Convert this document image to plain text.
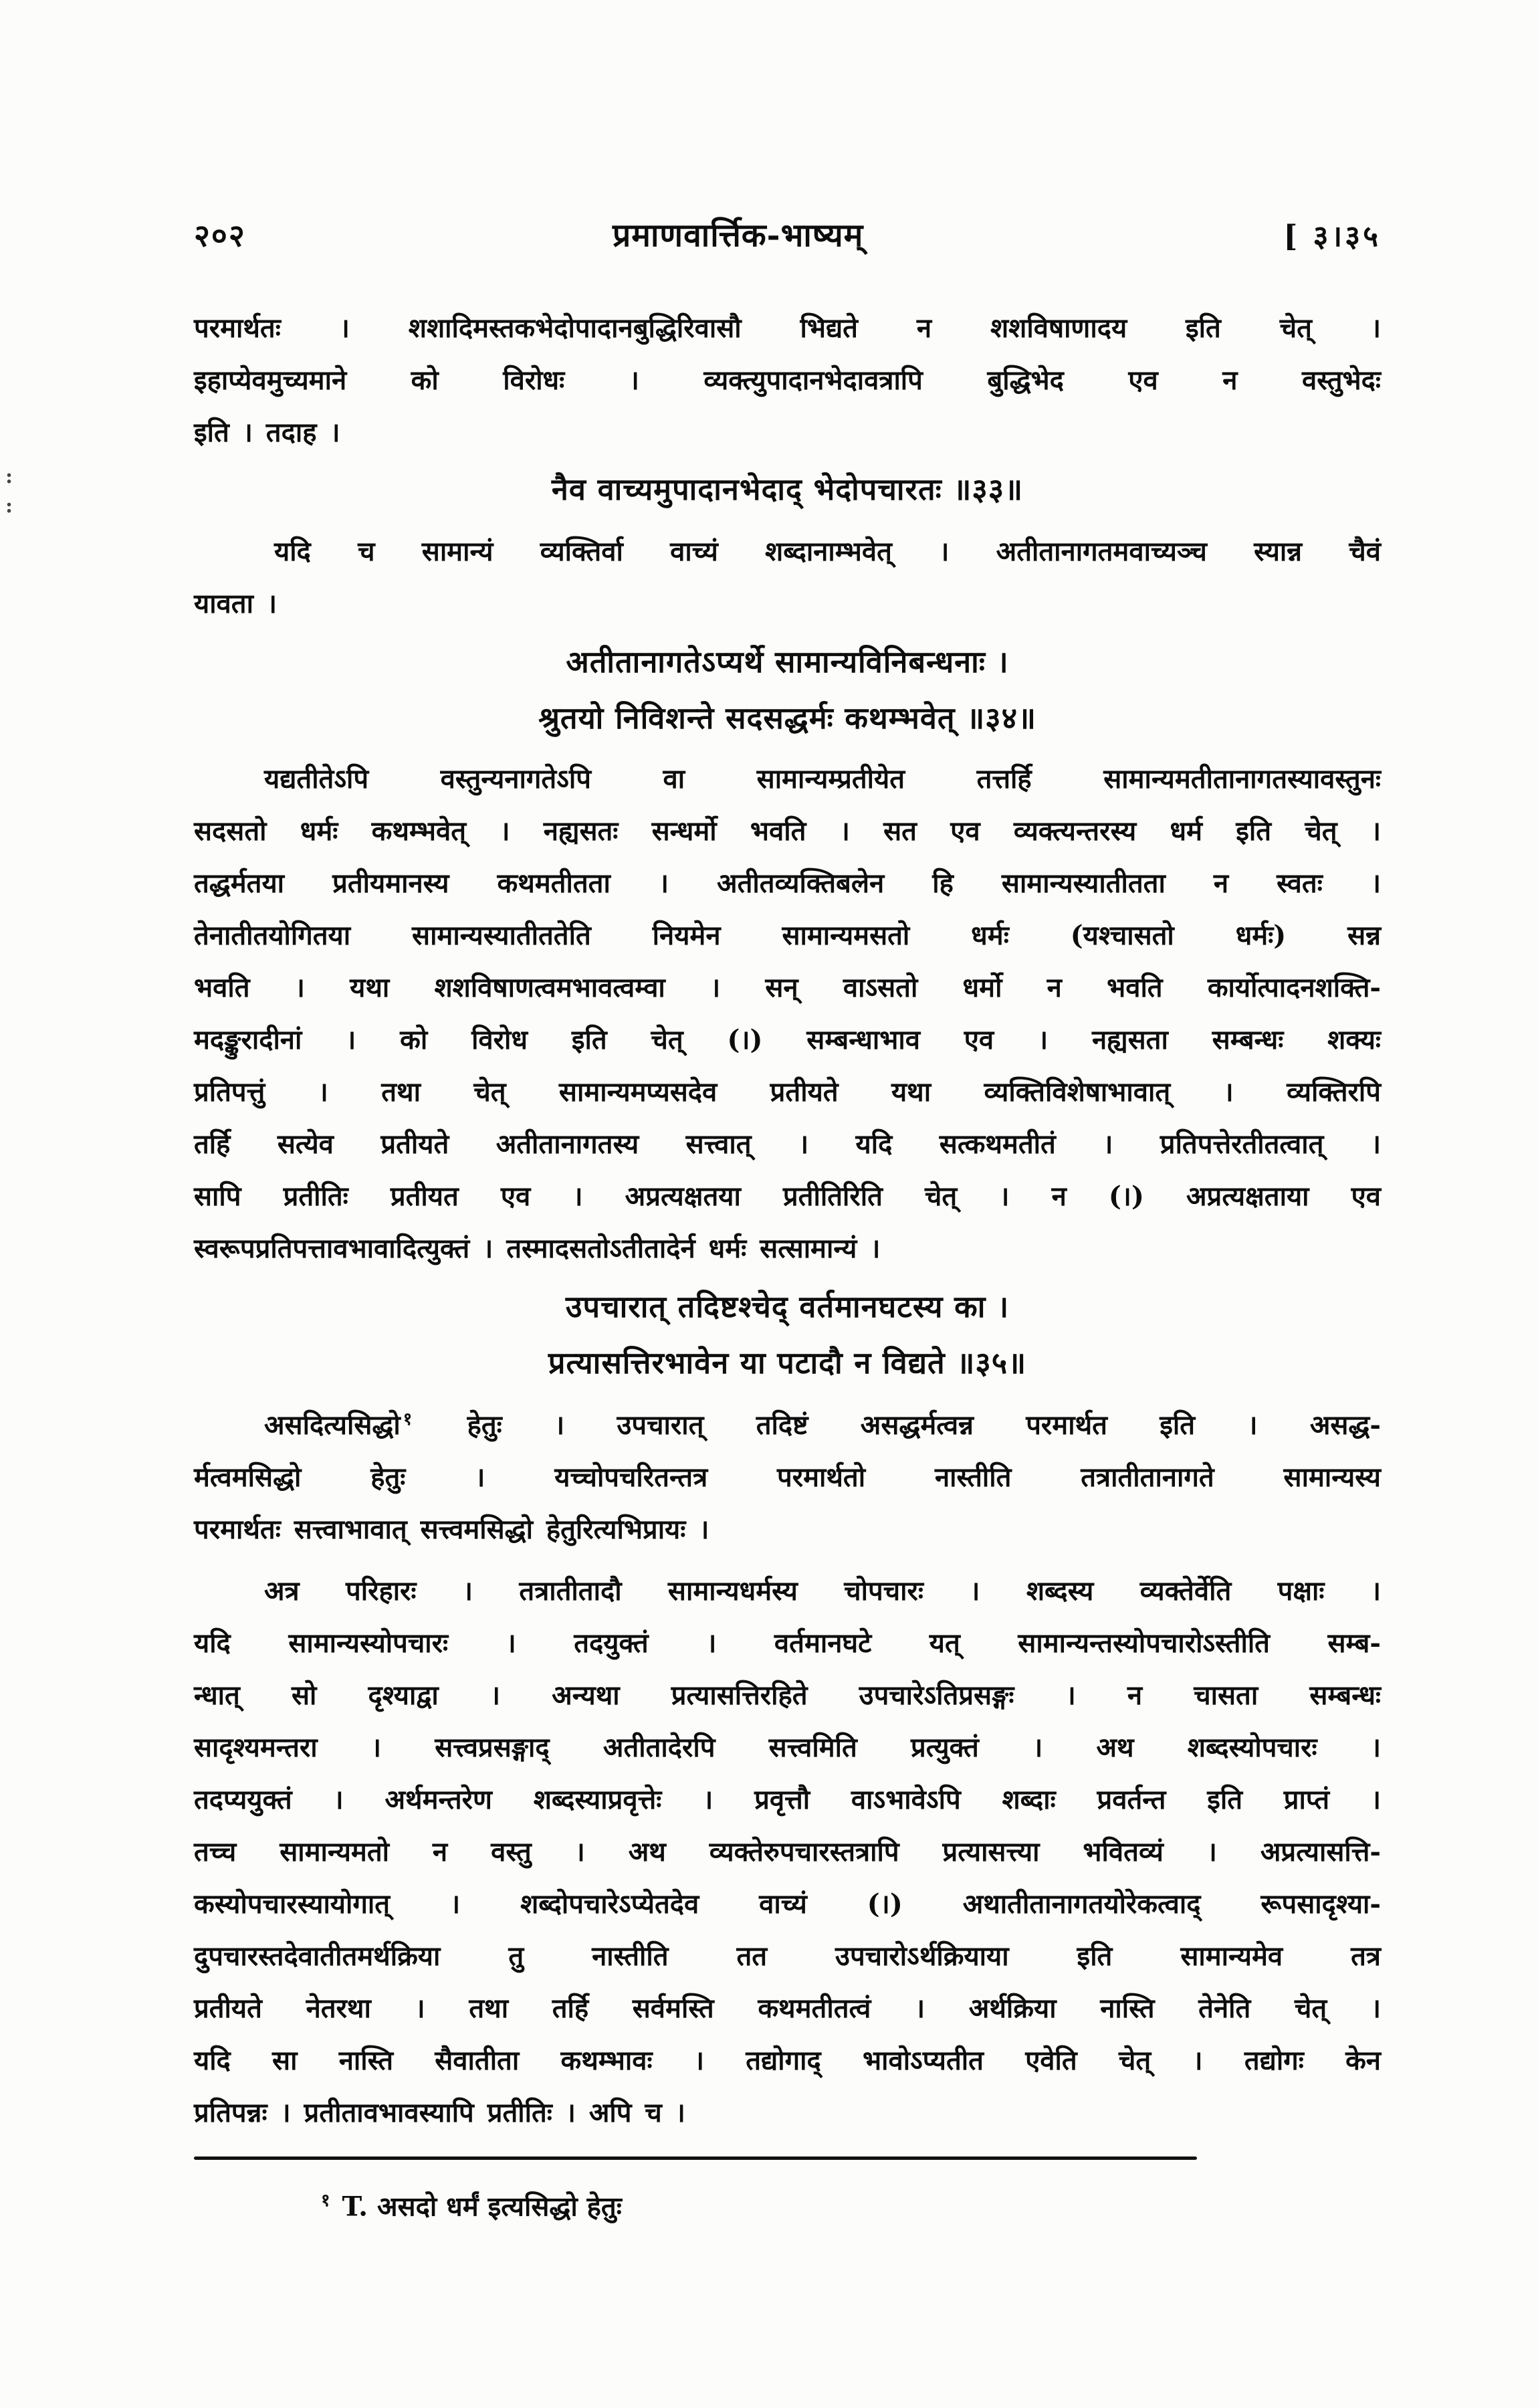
२०२	प्रमाणवार्त्तिक-भाष्यम्	[ ३।३५
:
:
परमार्थतः । शशादिमस्तकभेदोपादानबुद्धिरिवासौ भिद्यते न शशविषाणादय इति चेत् ।
इहाप्येवमुच्यमाने को विरोधः । व्यक्त्युपादानभेदावत्रापि बुद्धिभेद एव न वस्तुभेदः
इति । तदाह ।
नैव वाच्यमुपादानभेदाद् भेदोपचारतः ॥३३॥
यदि च सामान्यं व्यक्तिर्वा वाच्यं शब्दानाम्भवेत् । अतीतानागतमवाच्यञ्च स्यान्न चैवं
यावता ।
अतीतानागतेऽप्यर्थे सामान्यविनिबन्धनाः ।
श्रुतयो निविशन्ते सदसद्धर्मः कथम्भवेत् ॥३४॥
यद्यतीतेऽपि वस्तुन्यनागतेऽपि वा सामान्यम्प्रतीयेत तत्तर्हि सामान्यमतीतानागतस्यावस्तुनः
सदसतो धर्मः कथम्भवेत् । नह्यसतः सन्धर्मो भवति । सत एव व्यक्त्यन्तरस्य धर्म इति चेत् ।
तद्धर्मतया प्रतीयमानस्य कथमतीतता । अतीतव्यक्तिबलेन हि सामान्यस्यातीतता न स्वतः ।
तेनातीतयोगितया सामान्यस्यातीततेति नियमेन सामान्यमसतो धर्मः (यश्चासतो धर्मः) सन्न
भवति । यथा शशविषाणत्वमभावत्वम्वा । सन् वाऽसतो धर्मो न भवति कार्योत्पादनशक्ति-
मदङ्कुरादीनां । को विरोध इति चेत् (।) सम्बन्धाभाव एव । नह्यसता सम्बन्धः शक्यः
प्रतिपत्तुं । तथा चेत् सामान्यमप्यसदेव प्रतीयते यथा व्यक्तिविशेषाभावात् । व्यक्तिरपि
तर्हि सत्येव प्रतीयते अतीतानागतस्य सत्त्वात् । यदि सत्कथमतीतं । प्रतिपत्तेरतीतत्वात् ।
सापि प्रतीतिः प्रतीयत एव । अप्रत्यक्षतया प्रतीतिरिति चेत् । न (।) अप्रत्यक्षताया एव
स्वरूपप्रतिपत्तावभावादित्युक्तं । तस्मादसतोऽतीतादेर्न धर्मः सत्सामान्यं ।
उपचारात् तदिष्टश्चेद् वर्तमानघटस्य का ।
प्रत्यासत्तिरभावेन या पटादौ न विद्यते ॥३५॥
असदित्यसिद्धो $^१$ हेतुः । उपचारात् तदिष्टं असद्धर्मत्वन्न परमार्थत इति । असद्ध-
र्मत्वमसिद्धो हेतुः । यच्चोपचरितन्तत्र परमार्थतो नास्तीति तत्रातीतानागते सामान्यस्य
परमार्थतः सत्त्वाभावात् सत्त्वमसिद्धो हेतुरित्यभिप्रायः ।
अत्र परिहारः । तत्रातीतादौ सामान्यधर्मस्य चोपचारः । शब्दस्य व्यक्तेर्वेति पक्षाः ।
यदि सामान्यस्योपचारः । तदयुक्तं । वर्तमानघटे यत् सामान्यन्तस्योपचारोऽस्तीति सम्ब-
न्धात् सो दृश्याद्वा । अन्यथा प्रत्यासत्तिरहिते उपचारेऽतिप्रसङ्गः । न चासता सम्बन्धः
सादृश्यमन्तरा । सत्त्वप्रसङ्गाद् अतीतादेरपि सत्त्वमिति प्रत्युक्तं । अथ शब्दस्योपचारः ।
तदप्ययुक्तं । अर्थमन्तरेण शब्दस्याप्रवृत्तेः । प्रवृत्तौ वाऽभावेऽपि शब्दाः प्रवर्तन्त इति प्राप्तं ।
तच्च सामान्यमतो न वस्तु । अथ व्यक्तेरुपचारस्तत्रापि प्रत्यासत्त्या भवितव्यं । अप्रत्यासत्ति-
कस्योपचारस्यायोगात् । शब्दोपचारेऽप्येतदेव वाच्यं (।) अथातीतानागतयोरेकत्वाद् रूपसादृश्या-
दुपचारस्तदेवातीतमर्थक्रिया तु नास्तीति तत उपचारोऽर्थक्रियाया इति सामान्यमेव तत्र
प्रतीयते नेतरथा । तथा तर्हि सर्वमस्ति कथमतीतत्वं । अर्थक्रिया नास्ति तेनेति चेत् ।
यदि सा नास्ति सैवातीता कथम्भावः । तद्योगाद् भावोऽप्यतीत एवेति चेत् । तद्योगः केन
प्रतिपन्नः । प्रतीतावभावस्यापि प्रतीतिः । अपि च ।
$^१$ T. असदो धर्मं इत्यसिद्धो हेतुः
